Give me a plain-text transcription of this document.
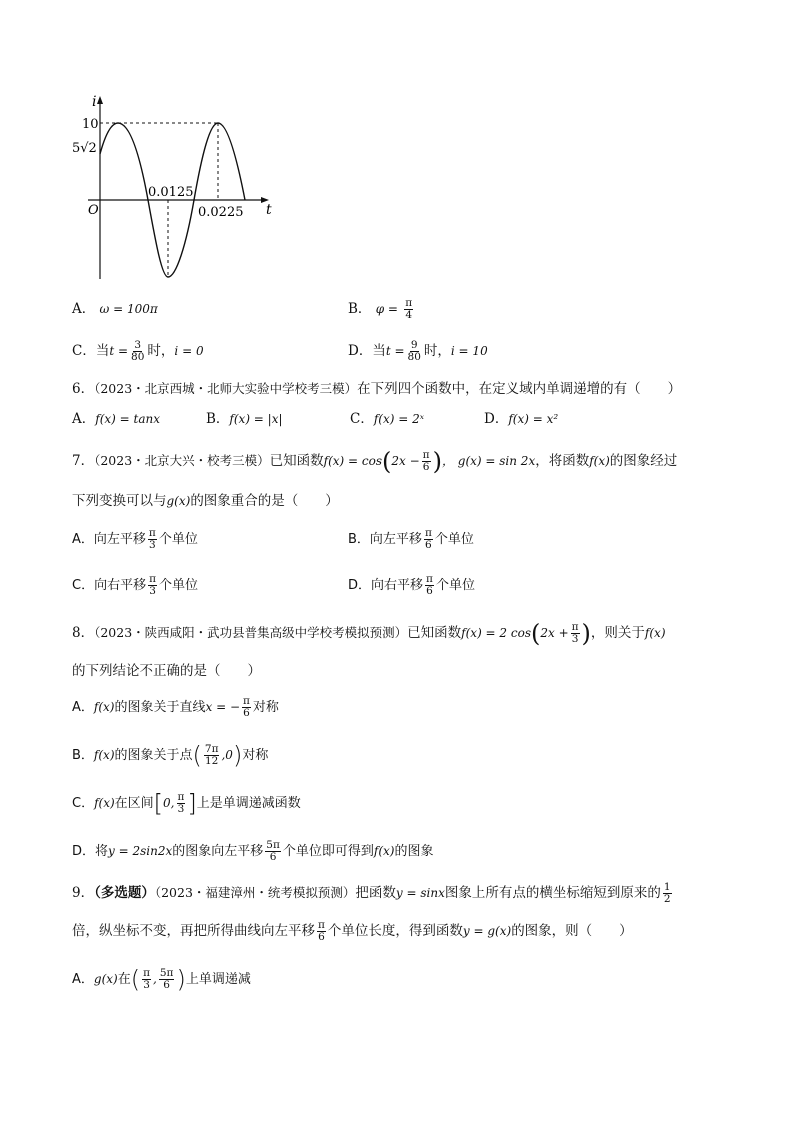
i
t
O
10
5√2
0.0125
0.0225
A． ω = 100π	B． $\varphi = \frac{\pi}{4}$
C．当$t = \frac{3}{80}$ 时，i = 0	D．当$t = \frac{9}{80}$ 时，i = 10
6．（2023・北京西城・北师大实验中学校考三模）在下列四个函数中，在定义域内单调递增的有（　　）
A．f(x) = tanx	B．f(x) = |x|	C．f(x) = 2ˣ	D．f(x) = x²
7．（2023・北京大兴・校考三模）已知函数$f(x) = \cos(2x - \frac{\pi}{6}$ )， g(x) = sin 2x，将函数f(x)的图象经过
下列变换可以与g(x)的图象重合的是（　　）
A．向左平移 $\frac{\pi}{3}$ 个单位	B．向左平移 $\frac{\pi}{6}$ 个单位
C．向右平移 $\frac{\pi}{3}$ 个单位	D．向右平移 $\frac{\pi}{6}$ 个单位
8．（2023・陕西咸阳・武功县普集高级中学校考模拟预测）已知函数f(x) = 2 $\cos(2x + \frac{\pi}{3}$ )，则关于f(x)
的下列结论不正确的是（　　）
A．f(x)的图象关于直线x = − $\frac{\pi}{6}$ 对称
B．f(x)的图象关于点( $\frac{7\pi}{12} ,0$)对称
C．f(x)在区间[0, $\frac{\pi}{3}$ ]上是单调递减函数
D．将y = 2sin2x的图象向左平移 $\frac{5\pi}{6}$ 个单位即可得到f(x)的图象
9．（多选题）（2023・福建漳州・统考模拟预测）把函数y = sinx图象上所有点的横坐标缩短到原来的 $\frac{1}{2}$
倍，纵坐标不变，再把所得曲线向左平移 $\frac{\pi}{6}$ 个单位长度，得到函数y = g(x)的图象，则（　　）
A．g(x)在( $\frac{\pi}{3}$ , $\frac{5\pi}{6}$ )上单调递减
